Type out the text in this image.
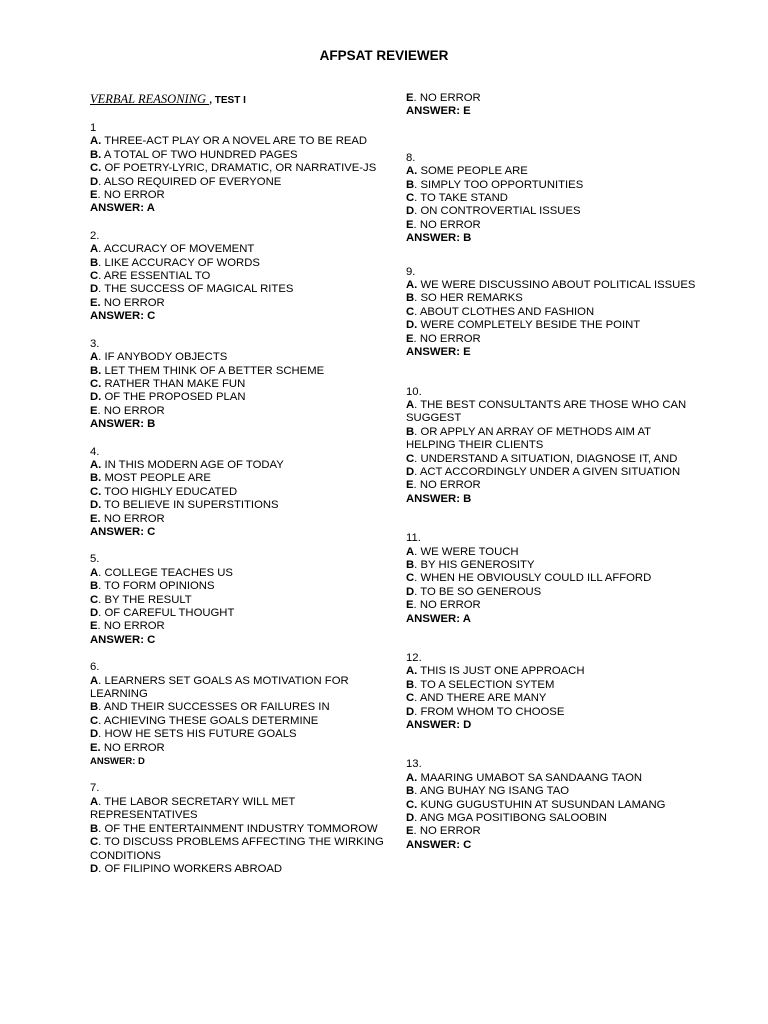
AFPSAT REVIEWER
VERBAL REASONING , TEST I
1
A. THREE-ACT PLAY OR A NOVEL ARE TO BE READ
B. A TOTAL OF TWO HUNDRED PAGES
C. OF POETRY-LYRIC, DRAMATIC, OR NARRATIVE-JS
D. ALSO REQUIRED OF EVERYONE
E. NO ERROR
ANSWER: A
2.
A. ACCURACY OF MOVEMENT
B. LIKE ACCURACY OF WORDS
C. ARE ESSENTIAL TO
D. THE SUCCESS OF MAGICAL RITES
E. NO ERROR
ANSWER: C
3.
A. IF ANYBODY OBJECTS
B. LET THEM THINK OF A BETTER SCHEME
C. RATHER THAN MAKE FUN
D. OF THE PROPOSED PLAN
E. NO ERROR
ANSWER: B
4.
A. IN THIS MODERN AGE OF TODAY
B. MOST PEOPLE ARE
C. TOO HIGHLY EDUCATED
D. TO BELIEVE IN SUPERSTITIONS
E. NO ERROR
ANSWER: C
5.
A. COLLEGE TEACHES US
B. TO FORM OPINIONS
C. BY THE RESULT
D. OF CAREFUL THOUGHT
E. NO ERROR
ANSWER: C
6.
A. LEARNERS SET GOALS AS MOTIVATION FOR LEARNING
B. AND THEIR SUCCESSES OR FAILURES IN
C. ACHIEVING THESE GOALS DETERMINE
D. HOW HE SETS HIS FUTURE GOALS
E. NO ERROR
ANSWER: D
7.
A. THE LABOR SECRETARY WILL MET REPRESENTATIVES
B. OF THE ENTERTAINMENT INDUSTRY TOMMOROW
C. TO DISCUSS PROBLEMS AFFECTING THE WIRKING CONDITIONS
D. OF FILIPINO WORKERS ABROAD
E. NO ERROR
ANSWER: E
8.
A. SOME PEOPLE ARE
B. SIMPLY TOO OPPORTUNITIES
C. TO TAKE STAND
D. ON CONTROVERTIAL ISSUES
E. NO ERROR
ANSWER: B
9.
A. WE WERE DISCUSSINO ABOUT POLITICAL ISSUES
B. SO HER REMARKS
C. ABOUT CLOTHES AND FASHION
D. WERE COMPLETELY BESIDE THE POINT
E. NO ERROR
ANSWER: E
10.
A. THE BEST CONSULTANTS ARE THOSE WHO CAN SUGGEST
B. OR APPLY AN ARRAY OF METHODS AIM AT HELPING THEIR CLIENTS
C. UNDERSTAND A SITUATION, DIAGNOSE IT, AND
D. ACT ACCORDINGLY UNDER A GIVEN SITUATION
E. NO ERROR
ANSWER: B
11.
A. WE WERE TOUCH
B. BY HIS GENEROSITY
C. WHEN HE OBVIOUSLY COULD ILL AFFORD
D. TO BE SO GENEROUS
E. NO ERROR
ANSWER: A
12.
A. THIS IS JUST ONE APPROACH
B. TO A SELECTION SYTEM
C. AND THERE ARE MANY
D. FROM WHOM TO CHOOSE
ANSWER: D
13.
A. MAARING UMABOT SA SANDAANG TAON
B. ANG BUHAY NG ISANG TAO
C. KUNG GUGUSTUHIN AT SUSUNDAN LAMANG
D. ANG MGA POSITIBONG SALOOBIN
E. NO ERROR
ANSWER: C
